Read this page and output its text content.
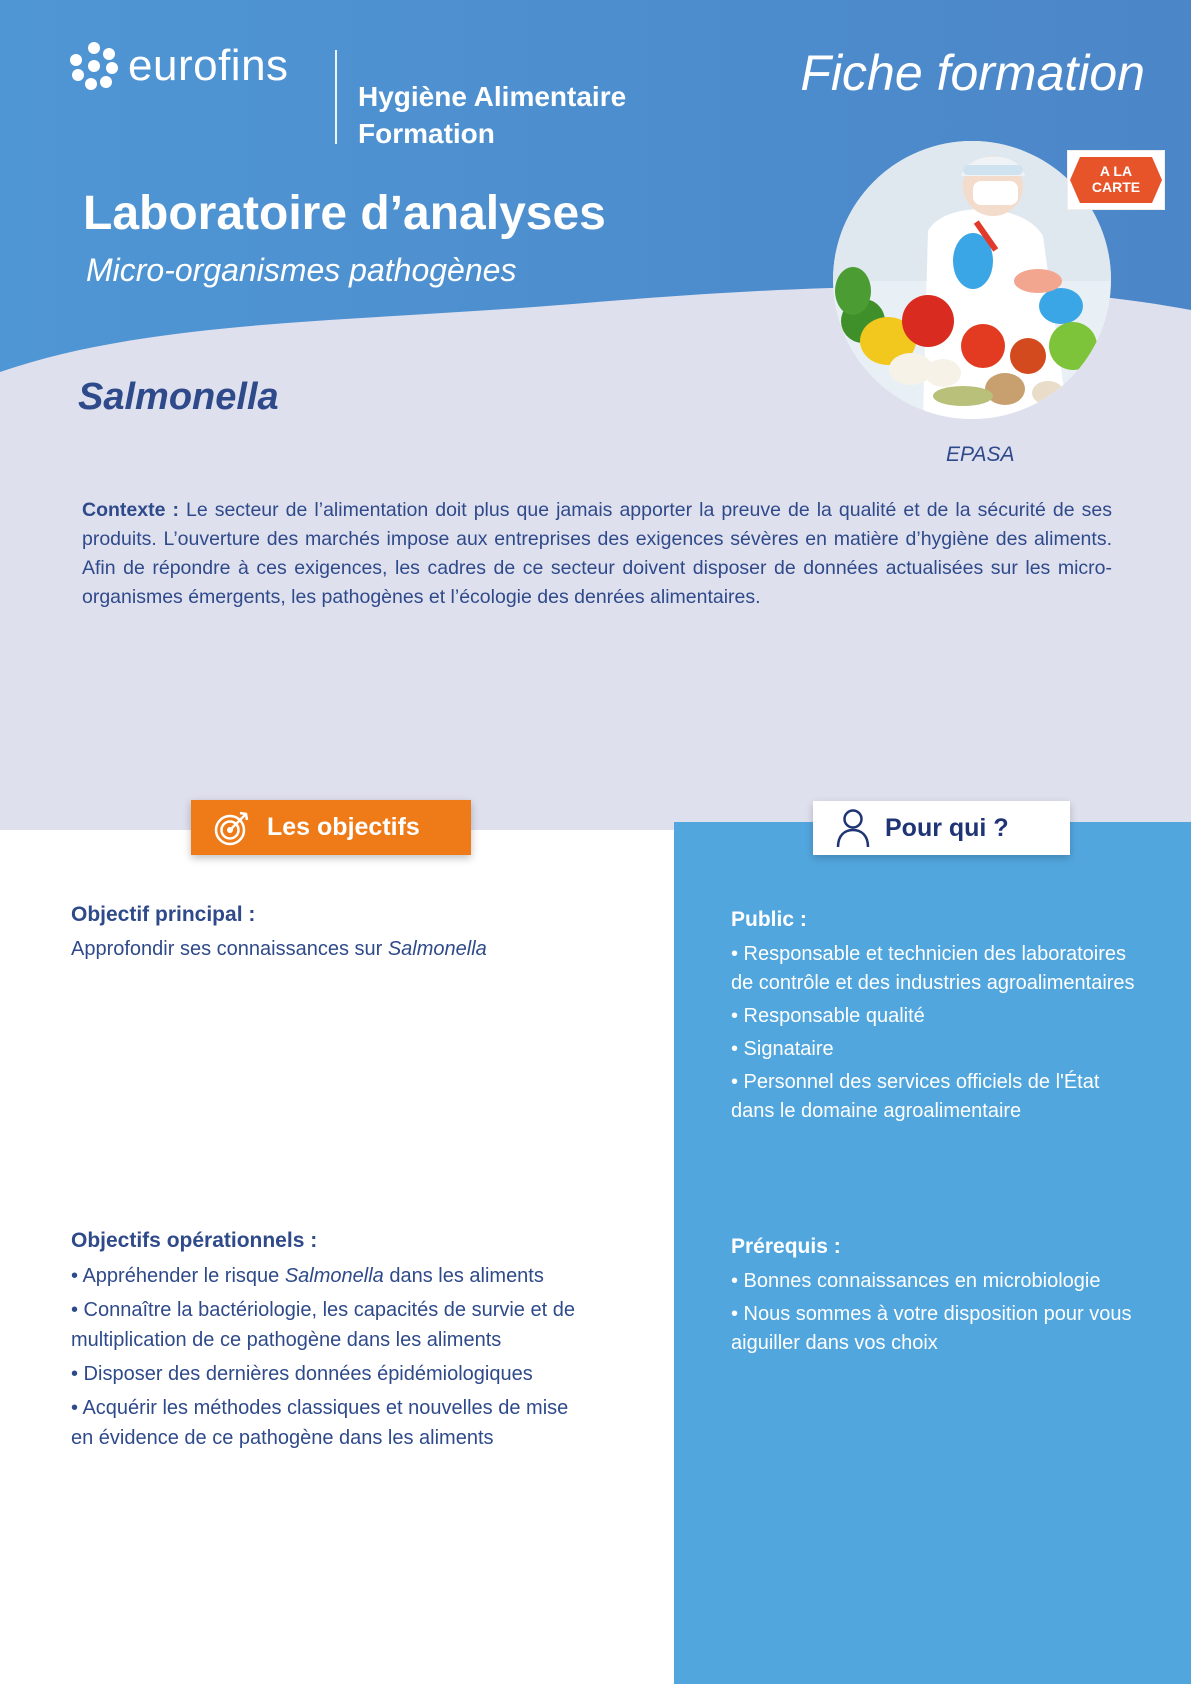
eurofins
Hygiène Alimentaire
Formation
Fiche formation
Laboratoire d’analyses
Micro-organismes pathogènes
A LA
CARTE
Salmonella
EPASA

Contexte : Le secteur de l’alimentation doit plus que jamais apporter la preuve de la qualité et de la sécurité de ses produits. L’ouverture des marchés impose aux entreprises des exigences sévères en matière d’hygiène des aliments. Afin de répondre à ces exigences, les cadres de ce secteur doivent disposer de données actualisées sur les micro-organismes émergents, les pathogènes et l’écologie des denrées alimentaires.

Les objectifs	Pour qui ?
Objectif principal :
Approfondir ses connaissances sur Salmonella
Objectifs opérationnels :
• Appréhender le risque Salmonella dans les aliments
• Connaître la bactériologie, les capacités de survie et de multiplication de ce pathogène dans les aliments
• Disposer des dernières données épidémiologiques
• Acquérir les méthodes classiques et nouvelles de mise en évidence de ce pathogène dans les aliments
Public :
• Responsable et technicien des laboratoires de contrôle et des industries agroalimentaires
• Responsable qualité
• Signataire
• Personnel des services officiels de l'État dans le domaine agroalimentaire
Prérequis :
• Bonnes connaissances en microbiologie
• Nous sommes à votre disposition pour vous aiguiller dans vos choix
